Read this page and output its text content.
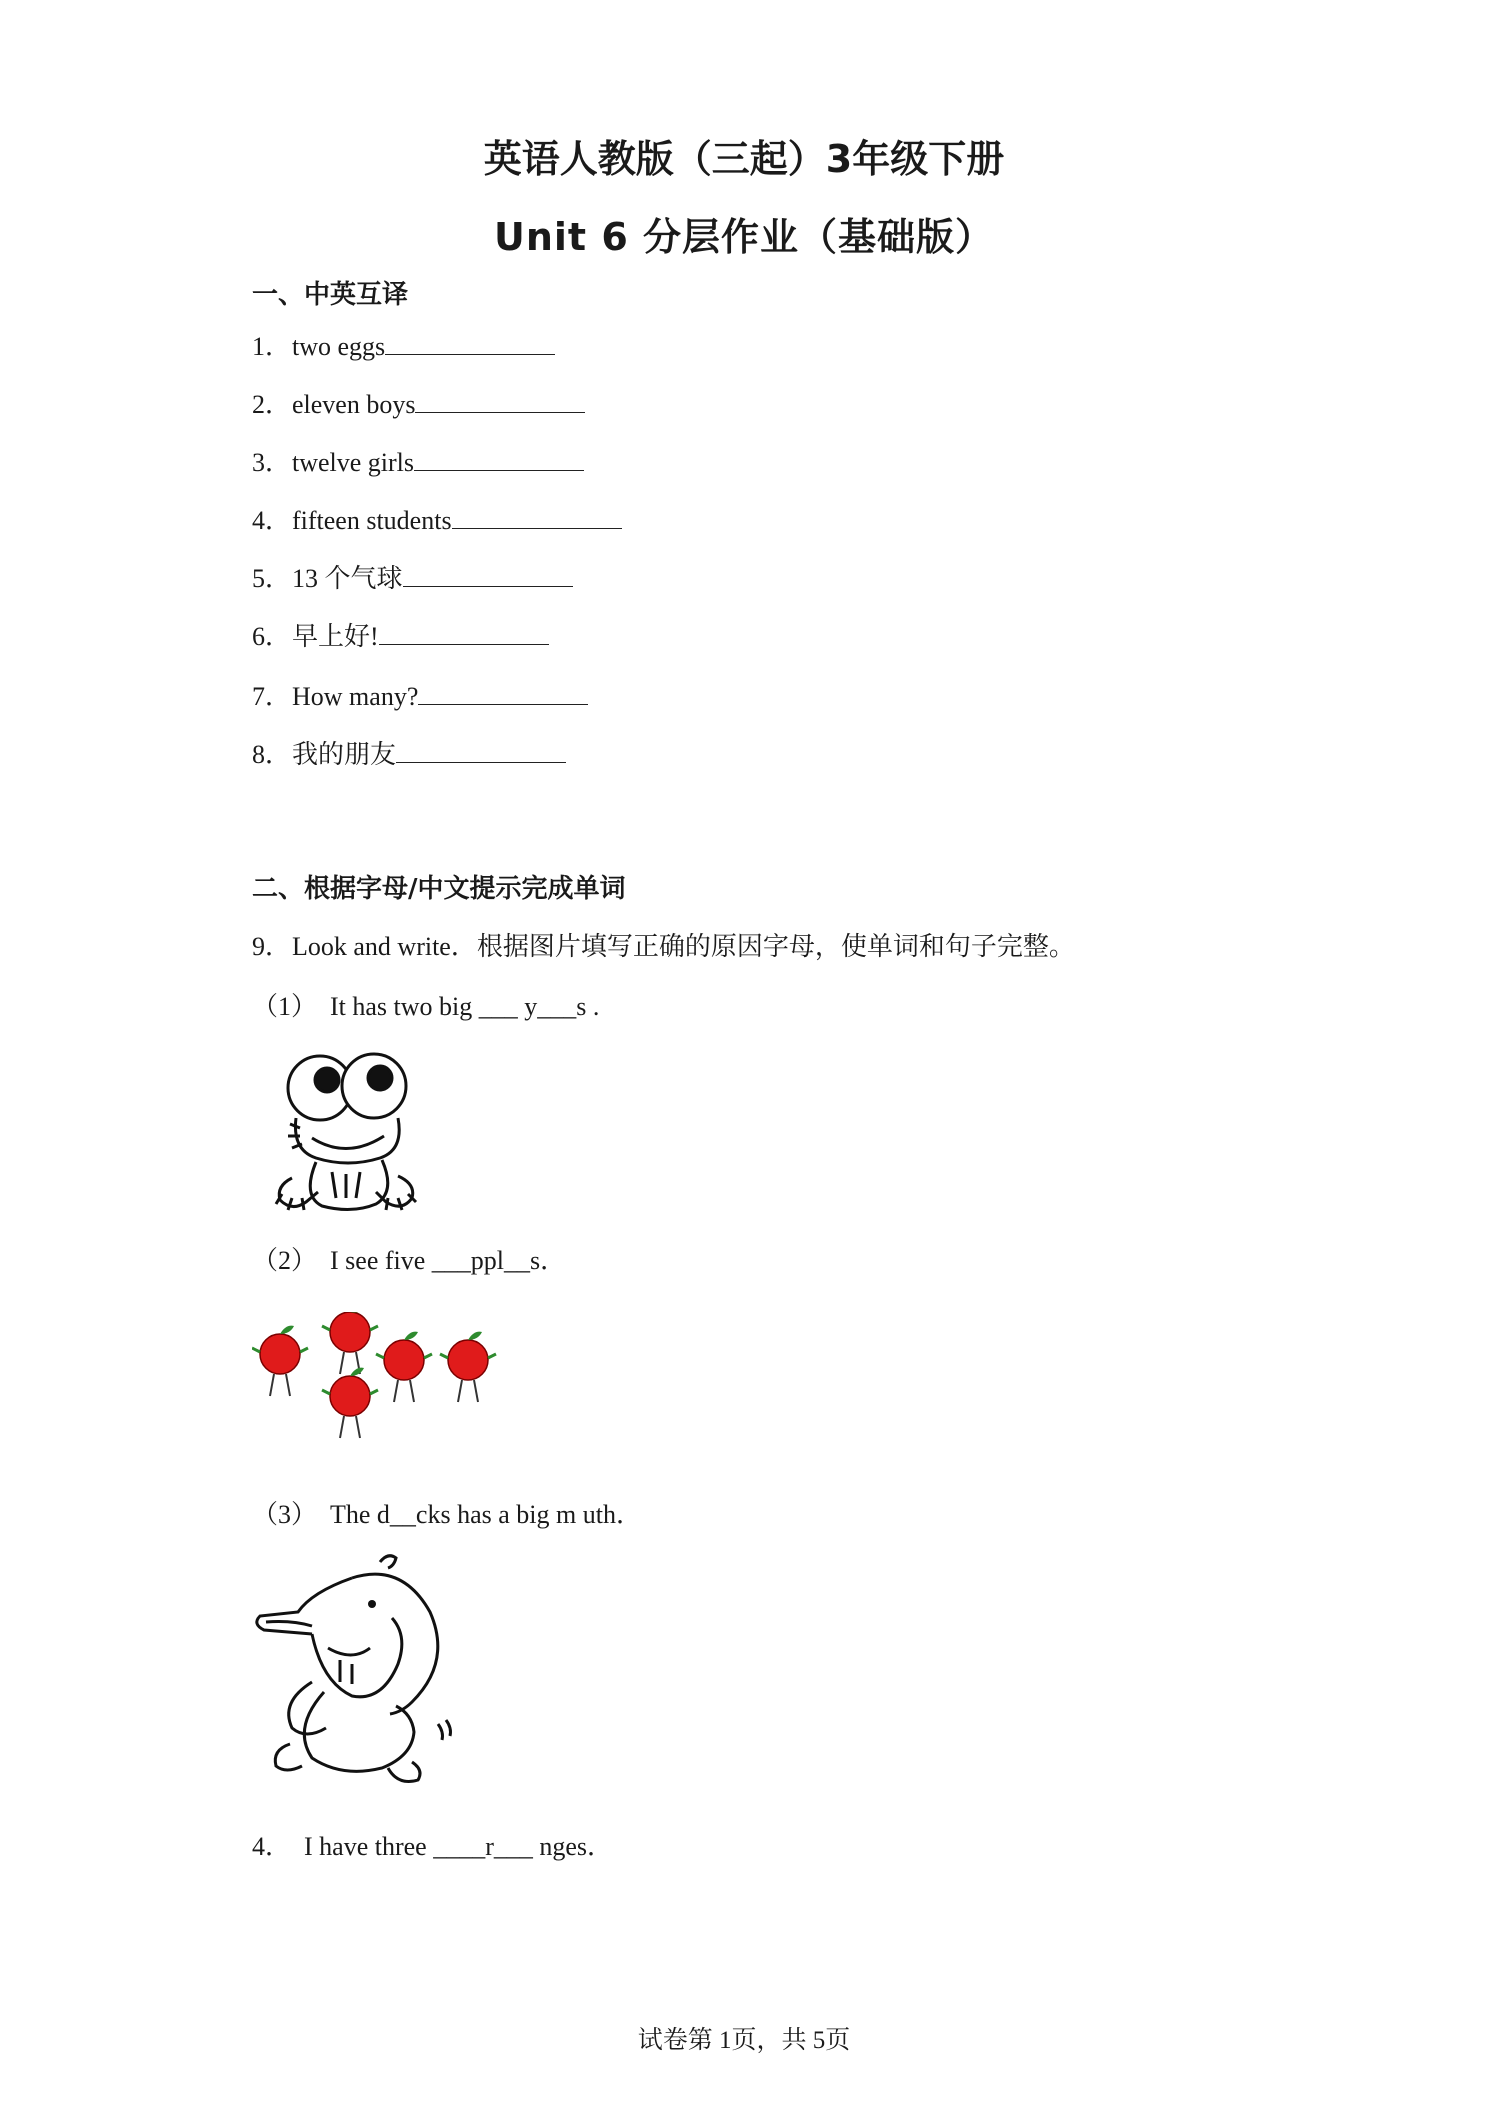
英语人教版（三起）3年级下册
Unit 6 分层作业（基础版）
一、中英互译
1．two eggs
2．eleven boys
3．twelve girls
4．fifteen students
5．13 个气球
6．早上好!
7．How many?
8．我的朋友
二、根据字母/中文提示完成单词
9．Look and write．根据图片填写正确的原因字母，使单词和句子完整。
（1） It has two big ___ y___s .
（2） I see five ___ppl__s．
（3） The d__cks has a big m uth．
4． I have three ____r___ nges．
试卷第 1页，共 5页
